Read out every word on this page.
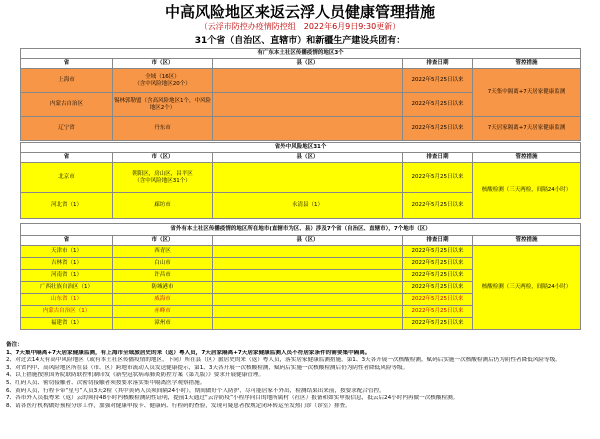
中高风险地区来返云浮人员健康管理措施
（云浮市防控办疫情防控组　2022年6月9日9:30更新）
31个省（自治区、直辖市）和新疆生产建设兵团有：
有广东本土社区传播疫情的地区3个				
省	市（区）	县（区）	排查日期	管控措施
上海市	全域（16区）
（含中风险地区20个）		2022年5月25日以来	7天集中隔离+7天居家健康监测
内蒙古自治区	锡林郭勒盟（含高风险地区1个，中风险地区2个）		2022年5月25日以来	
辽宁省	丹东市		2022年5月25日以来	7天居家隔离+7天居家健康监测
省外中风险地区31个				
省	市（区）	县（区）	排查日期	管控措施
北京市	朝阳区，房山区，昌平区
（含中风险地区31个）		2022年5月25日以来	核酸检测（三天两检，间隔24小时）
河北省（1）	廊坊市	永清县（1）	2022年5月25日以来	
省外有本土社区传播疫情的地区所在地市(直辖市为区、县）涉及7个省（自治区、直辖市），7个地市（区）				
省	市（区）	县（区）	排查日期	管控措施
天津市（1）	西青区		2022年5月25日以来	核酸检测（三天两检，间隔24小时）
吉林省（1）	白山市		2022年5月25日以来	
河南省（1）	许昌市		2022年5月25日以来	
广西壮族自治区（1）	防城港市		2022年5月25日以来	
山东省（1）	威海市		2022年5月25日以来	
内蒙古自治区（1）	赤峰市		2022年5月25日以来	
福建省（1）	漳州市		2022年5月25日以来	
备注：
1、7天集中隔离+7天居家健康监测，有上海市全域旅居史的来（返）粤人员，7天居家隔离+7天居家健康监测人员不符居家条件的需要集中隔离。
2、对过去14天有高中风险地区（或有本土社区传播疫情的地区，下同）所在县（区）旅居史的来（返）粤人员，落实居家健康监测措施，第1、3天各开展一次核酸检测，赋码后实施一次核酸检测后仍为阴性者降低风险等级。
3、对省内中、高风险地区所在县（市、区）跨地市流动人员发送健康提示，第1、3天各开展一次核酸检测，赋码后实施一次核酸检测后仍为阴性者降低风险等级。
4、以上措施按照国务院联防联控机制印发《新型冠状病毒肺炎防控方案（第九版）》要求开展健康管理。
5、红码人员、密切接触者、次密切接触者须按要求落实集中隔离医学观察措施。
6、黄码人员，行程卡带“星号”人员3天2检（其中黄码人员须间隔24小时），期间做好个人防护，尽可能居家不外出，检测结果出来前，按要求配合管控。
7、各市外人员抵粤来（返）云的须持48小时内核酸检测阴性证明，提前1天通过“云浮防疫”小程序向目的地所属村（社区）报备和如实申报信息，抵云后24小时内再做一次核酸检测。
8、请各医疗机构做好预检分诊工作，加强对健康申报卡、健康码、行程码的查验，发现可疑患者按规定闭环转运至发热门诊（诊室）排查。
